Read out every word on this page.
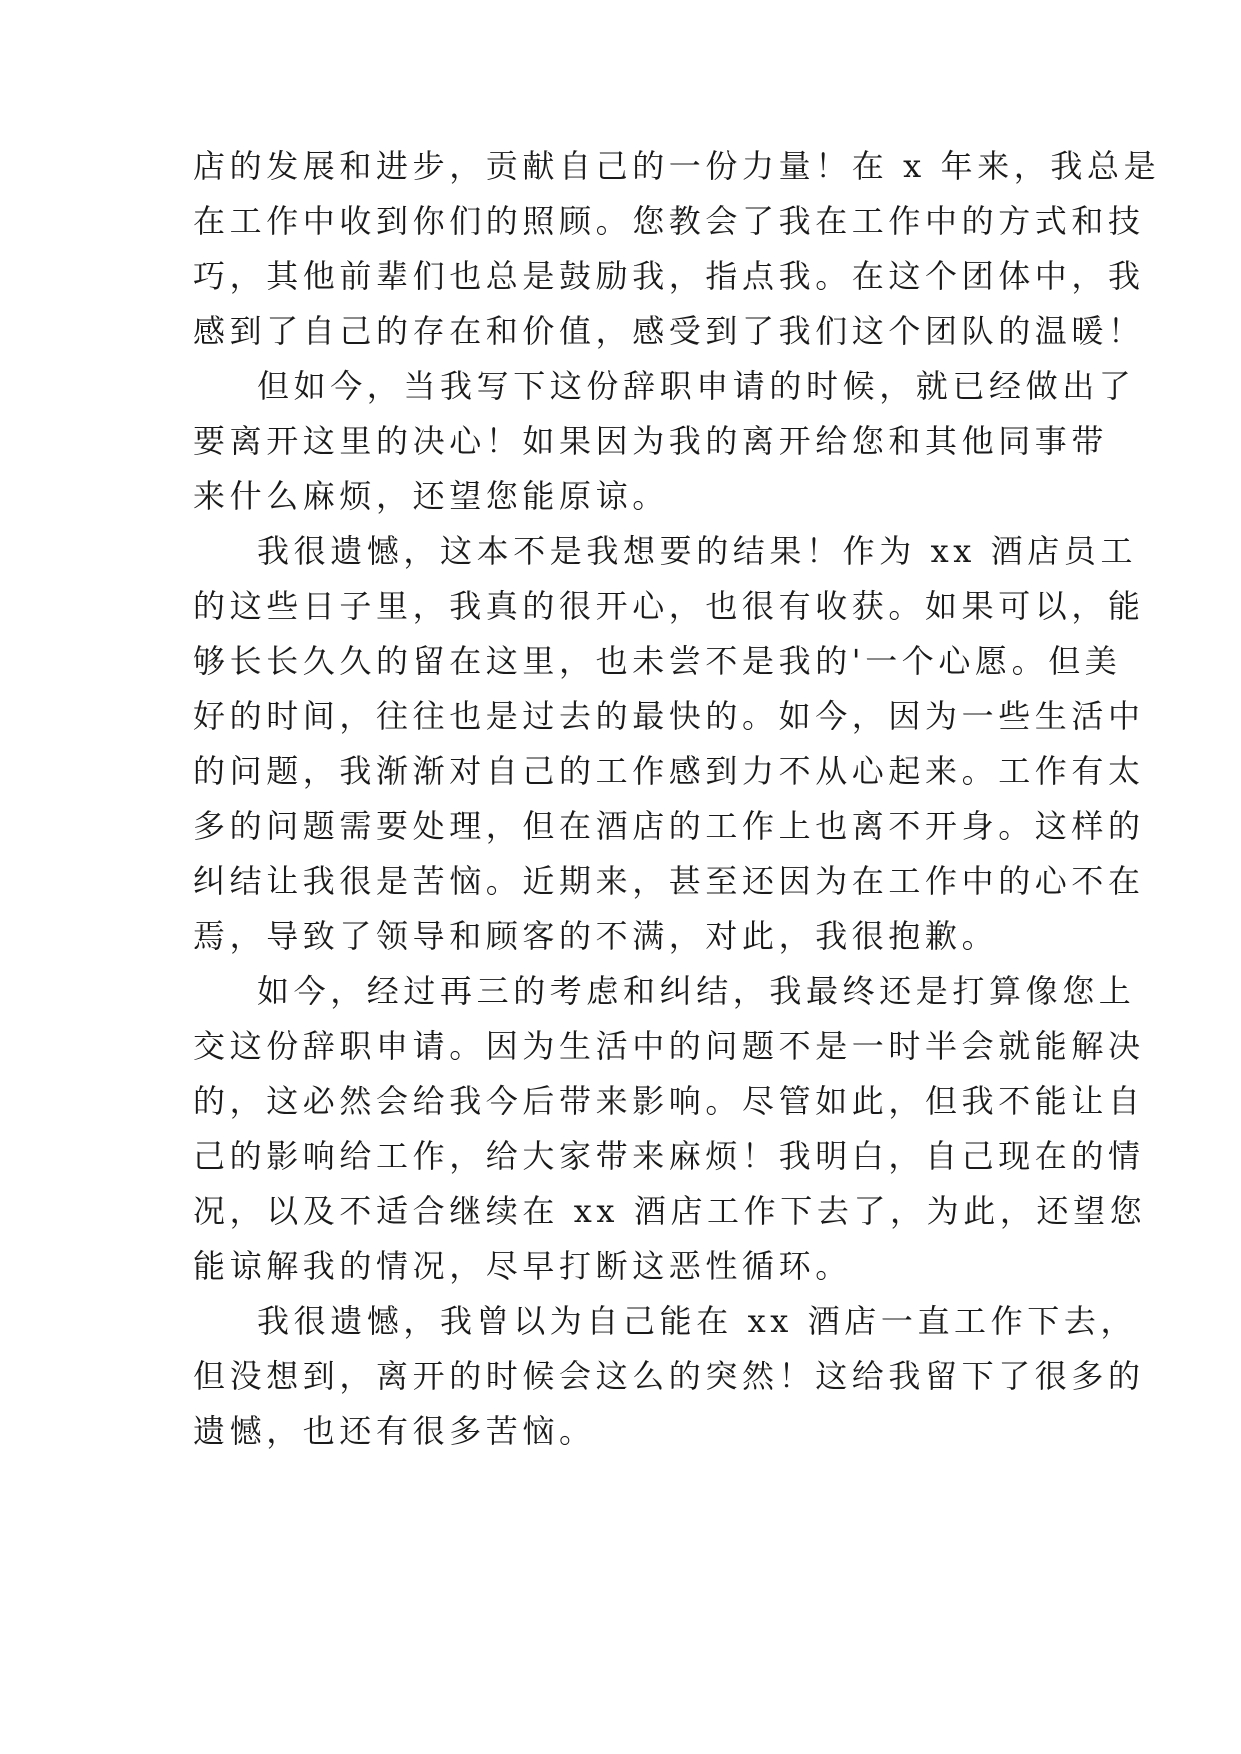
店的发展和进步，贡献自己的一份力量！在 x 年来，我总是
在工作中收到你们的照顾。您教会了我在工作中的方式和技
巧，其他前辈们也总是鼓励我，指点我。在这个团体中，我
感到了自己的存在和价值，感受到了我们这个团队的温暖！
但如今，当我写下这份辞职申请的时候，就已经做出了
要离开这里的决心！如果因为我的离开给您和其他同事带
来什么麻烦，还望您能原谅。
我很遗憾，这本不是我想要的结果！作为 xx 酒店员工
的这些日子里，我真的很开心，也很有收获。如果可以，能
够长长久久的留在这里，也未尝不是我的'一个心愿。但美
好的时间，往往也是过去的最快的。如今，因为一些生活中
的问题，我渐渐对自己的工作感到力不从心起来。工作有太
多的问题需要处理，但在酒店的工作上也离不开身。这样的
纠结让我很是苦恼。近期来，甚至还因为在工作中的心不在
焉，导致了领导和顾客的不满，对此，我很抱歉。
如今，经过再三的考虑和纠结，我最终还是打算像您上
交这份辞职申请。因为生活中的问题不是一时半会就能解决
的，这必然会给我今后带来影响。尽管如此，但我不能让自
己的影响给工作，给大家带来麻烦！我明白，自己现在的情
况，以及不适合继续在 xx 酒店工作下去了，为此，还望您
能谅解我的情况，尽早打断这恶性循环。
我很遗憾，我曾以为自己能在 xx 酒店一直工作下去，
但没想到，离开的时候会这么的突然！这给我留下了很多的
遗憾，也还有很多苦恼。
